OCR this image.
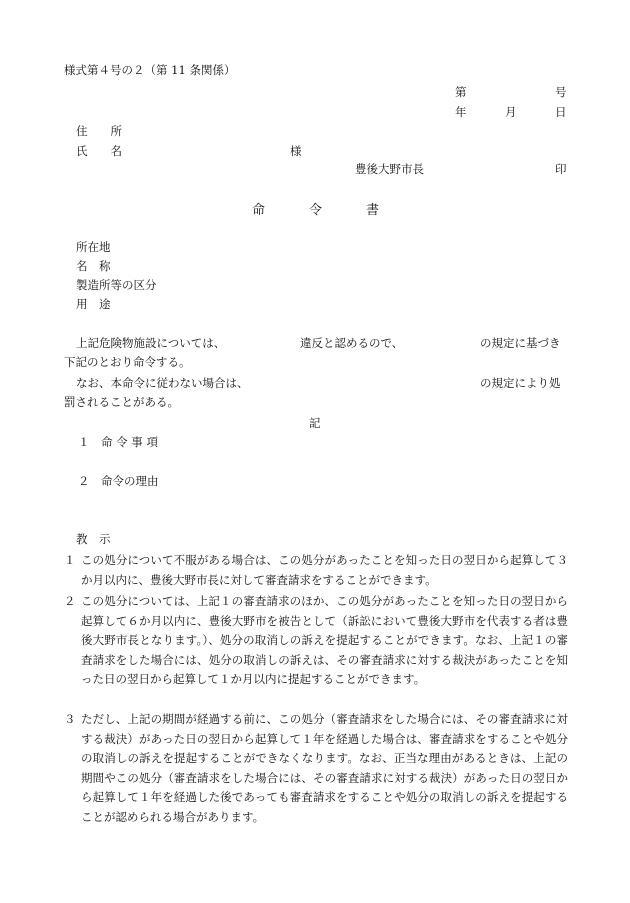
様式第４号の２（第 11 条関係）
第	号
年	月	日
住　　所
氏　　名	様
豊後大野市長	印
命	令	書
所在地
名　称
製造所等の区分
用　途
上記危険物施設については、	違反と認めるので、	の規定に基づき
下記のとおり命令する。
なお、本命令に従わない場合は、	の規定により処
罰されることがある。
記
１ 命 令 事 項
２ 命令の理由
教　示
１ この処分について不服がある場合は、この処分があったことを知った日の翌日から起算して３か月以内に、豊後大野市長に対して審査請求をすることができます。
２ この処分については、上記１の審査請求のほか、この処分があったことを知った日の翌日から起算して６か月以内に、豊後大野市を被告として（訴訟において豊後大野市を代表する者は豊後大野市長となります。）、処分の取消しの訴えを提起することができます。なお、上記１の審査請求をした場合には、処分の取消しの訴えは、その審査請求に対する裁決があったことを知った日の翌日から起算して１か月以内に提起することができます。
３ ただし、上記の期間が経過する前に、この処分（審査請求をした場合には、その審査請求に対する裁決）があった日の翌日から起算して１年を経過した場合は、審査請求をすることや処分の取消しの訴えを提起することができなくなります。なお、正当な理由があるときは、上記の期間やこの処分（審査請求をした場合には、その審査請求に対する裁決）があった日の翌日から起算して１年を経過した後であっても審査請求をすることや処分の取消しの訴えを提起することが認められる場合があります。
